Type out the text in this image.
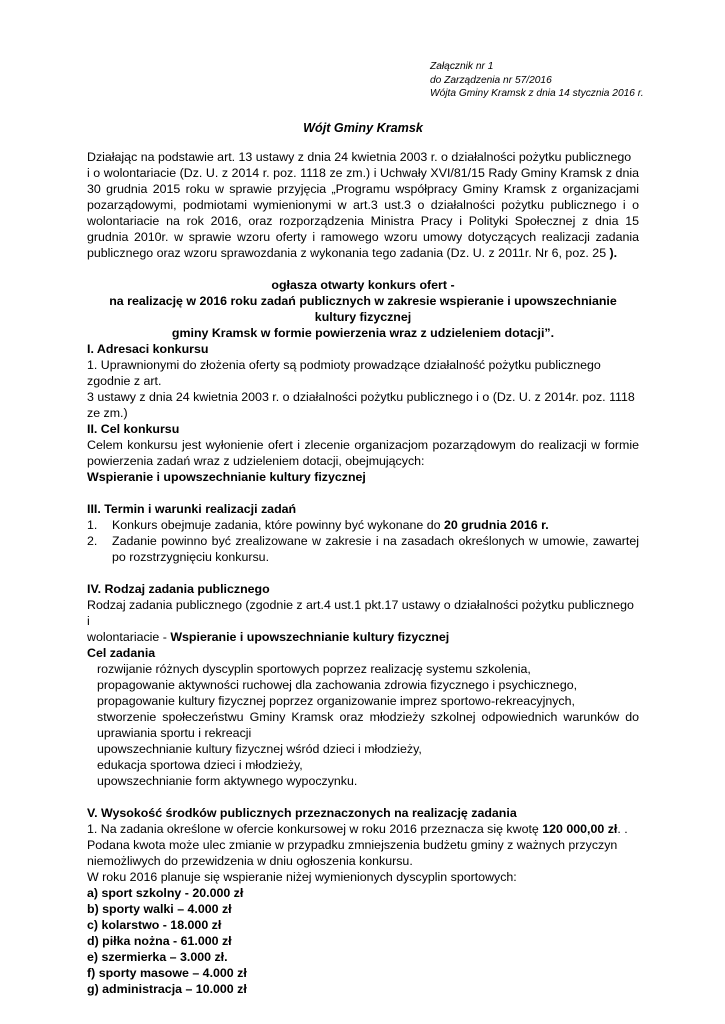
Załącznik nr 1
do Zarządzenia nr 57/2016
Wójta Gminy Kramsk z dnia 14 stycznia 2016 r.

Wójt Gminy Kramsk

Działając na podstawie art. 13 ustawy z dnia 24 kwietnia 2003 r. o działalności pożytku publicznego

i o wolontariacie (Dz. U. z 2014 r. poz. 1118 ze zm.) i Uchwały XVI/81/15 Rady Gminy Kramsk z dnia 30 grudnia 2015 roku w sprawie przyjęcia „Programu współpracy Gminy Kramsk z organizacjami pozarządowymi, podmiotami wymienionymi w art.3 ust.3 o działalności pożytku publicznego i o wolontariacie na rok 2016, oraz rozporządzenia Ministra Pracy i Polityki Społecznej z dnia 15 grudnia 2010r. w sprawie wzoru oferty i ramowego wzoru umowy dotyczących realizacji zadania publicznego oraz wzoru sprawozdania z wykonania tego zadania (Dz. U. z 2011r. Nr 6, poz. 25 ).

ogłasza otwarty konkurs ofert -

na realizację w 2016 roku zadań publicznych w zakresie wspieranie i upowszechnianie kultury fizycznej

gminy Kramsk w formie powierzenia wraz z udzieleniem dotacji”.

I. Adresaci konkursu

1. Uprawnionymi do złożenia oferty są podmioty prowadzące działalność pożytku publicznego zgodnie z art.

3 ustawy z dnia 24 kwietnia 2003 r. o działalności pożytku publicznego i o (Dz. U. z 2014r. poz. 1118 ze zm.)

II. Cel konkursu

Celem konkursu jest wyłonienie ofert i zlecenie organizacjom pozarządowym do realizacji w formie powierzenia zadań wraz z udzieleniem dotacji, obejmujących:

Wspieranie i upowszechnianie kultury fizycznej

III. Termin i warunki realizacji zadań

1.	Konkurs obejmuje zadania, które powinny być wykonane do 20 grudnia 2016 r.
2.	Zadanie powinno być zrealizowane w zakresie i na zasadach określonych w umowie, zawartej po rozstrzygnięciu konkursu.

IV. Rodzaj zadania publicznego

Rodzaj zadania publicznego (zgodnie z art.4 ust.1 pkt.17 ustawy o działalności pożytku publicznego i

wolontariacie - Wspieranie i upowszechnianie kultury fizycznej

Cel zadania

rozwijanie różnych dyscyplin sportowych poprzez realizację systemu szkolenia,
propagowanie aktywności ruchowej dla zachowania zdrowia fizycznego i psychicznego,
propagowanie kultury fizycznej poprzez organizowanie imprez sportowo-rekreacyjnych,
stworzenie społeczeństwu Gminy Kramsk oraz młodzieży szkolnej odpowiednich warunków do uprawiania sportu i rekreacji
upowszechnianie kultury fizycznej wśród dzieci i młodzieży,
edukacja sportowa dzieci i młodzieży,
upowszechnianie form aktywnego wypoczynku.

V. Wysokość środków publicznych przeznaczonych na realizację zadania

1. Na zadania określone w ofercie konkursowej w roku 2016 przeznacza się kwotę 120 000,00 zł. .

Podana kwota może ulec zmianie w przypadku zmniejszenia budżetu gminy z ważnych przyczyn niemożliwych do przewidzenia w dniu ogłoszenia konkursu.

W roku 2016 planuje się wspieranie niżej wymienionych dyscyplin sportowych:

a) sport szkolny - 20.000 zł

b) sporty walki – 4.000 zł

c) kolarstwo - 18.000 zł

d) piłka nożna - 61.000 zł

e) szermierka – 3.000 zł.

f) sporty masowe – 4.000 zł

g) administracja – 10.000 zł
